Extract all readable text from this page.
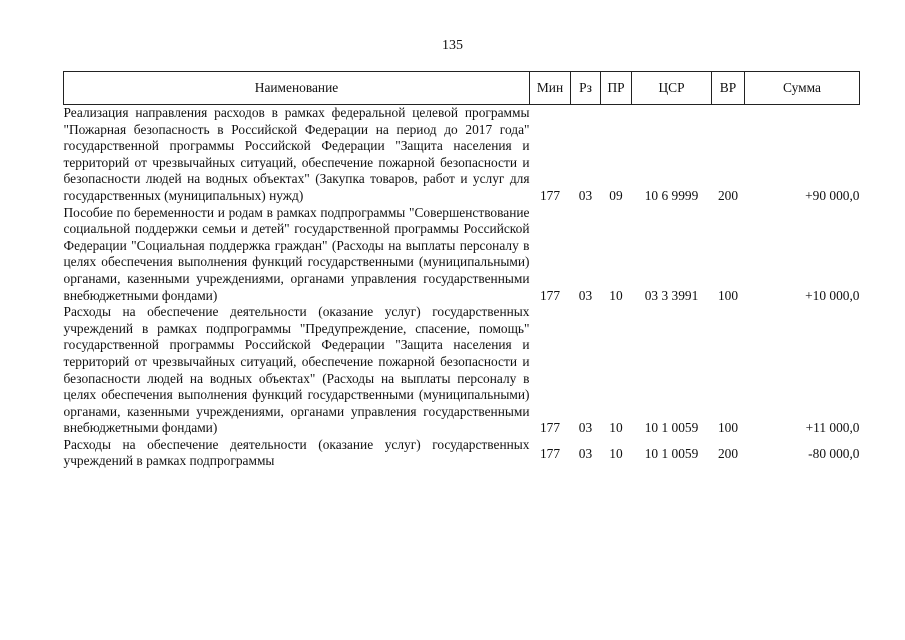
135
Наименование	Мин	Рз	ПР	ЦСР	ВР	Сумма
Реализация направления расходов в рамках федеральной целевой программы "Пожарная безопасность в Российской Федерации на период до 2017 года" государственной программы Российской Федерации "Защита населения и территорий от чрезвычайных ситуаций, обеспечение пожарной безопасности и безопасности людей на водных объектах" (Закупка товаров, работ и услуг для государственных (муниципальных) нужд)	177	03	09	10 6 9999	200	+90 000,0
Пособие по беременности и родам в рамках подпрограммы "Совершенствование социальной поддержки семьи и детей" государственной программы Российской Федерации "Социальная поддержка граждан" (Расходы на выплаты персоналу в целях обеспечения выполнения функций государственными (муниципальными) органами, казенными учреждениями, органами управления государственными внебюджетными фондами)	177	03	10	03 3 3991	100	+10 000,0
Расходы на обеспечение деятельности (оказание услуг) государственных учреждений в рамках подпрограммы "Предупреждение, спасение, помощь" государственной программы Российской Федерации "Защита населения и территорий от чрезвычайных ситуаций, обеспечение пожарной безопасности и безопасности людей на водных объектах" (Расходы на выплаты персоналу в целях обеспечения выполнения функций государственными (муниципальными) органами, казенными учреждениями, органами управления государственными внебюджетными фондами)	177	03	10	10 1 0059	100	+11 000,0
Расходы на обеспечение деятельности (оказание услуг) государственных учреждений в рамках подпрограммы	177	03	10	10 1 0059	200	-80 000,0
